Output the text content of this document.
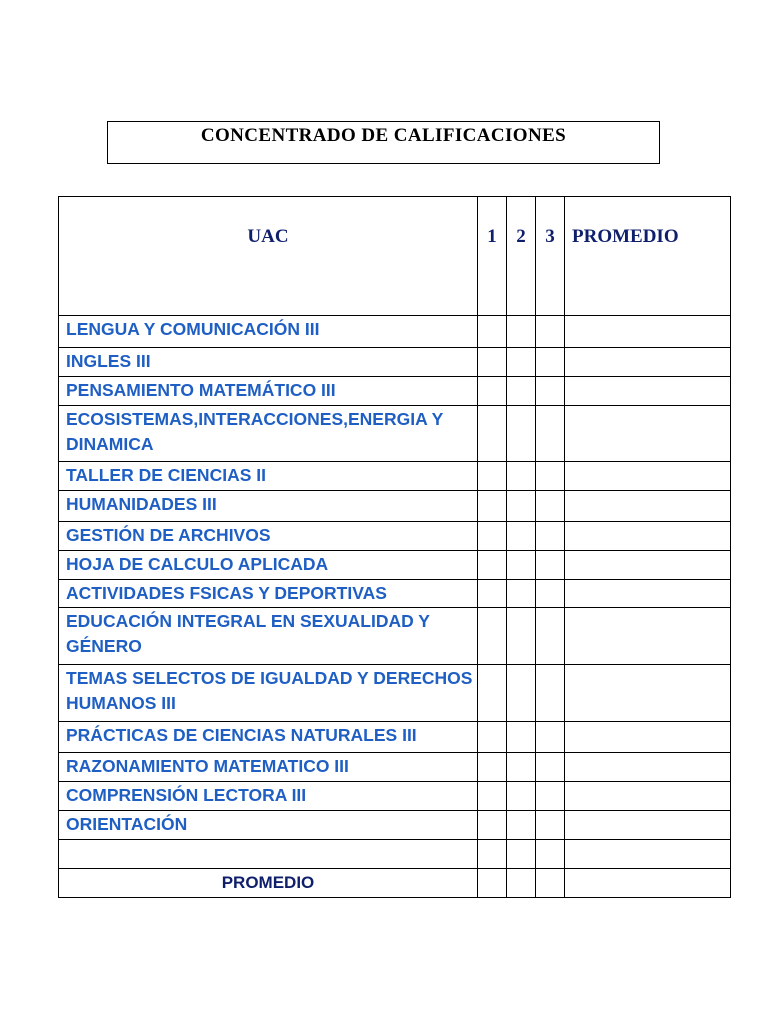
CONCENTRADO DE CALIFICACIONES
UAC	1	2	3	PROMEDIO
LENGUA Y COMUNICACIÓN III				
INGLES III				
PENSAMIENTO MATEMÁTICO III				
ECOSISTEMAS,INTERACCIONES,ENERGIA Y DINAMICA				
TALLER DE CIENCIAS II				
HUMANIDADES III				
GESTIÓN DE ARCHIVOS				
HOJA DE CALCULO APLICADA				
ACTIVIDADES FSICAS Y DEPORTIVAS				
EDUCACIÓN INTEGRAL EN SEXUALIDAD Y GÉNERO				
TEMAS SELECTOS DE IGUALDAD Y DERECHOS HUMANOS III				
PRÁCTICAS DE CIENCIAS NATURALES III				
RAZONAMIENTO MATEMATICO III				
COMPRENSIÓN LECTORA III				
ORIENTACIÓN				

PROMEDIO				
